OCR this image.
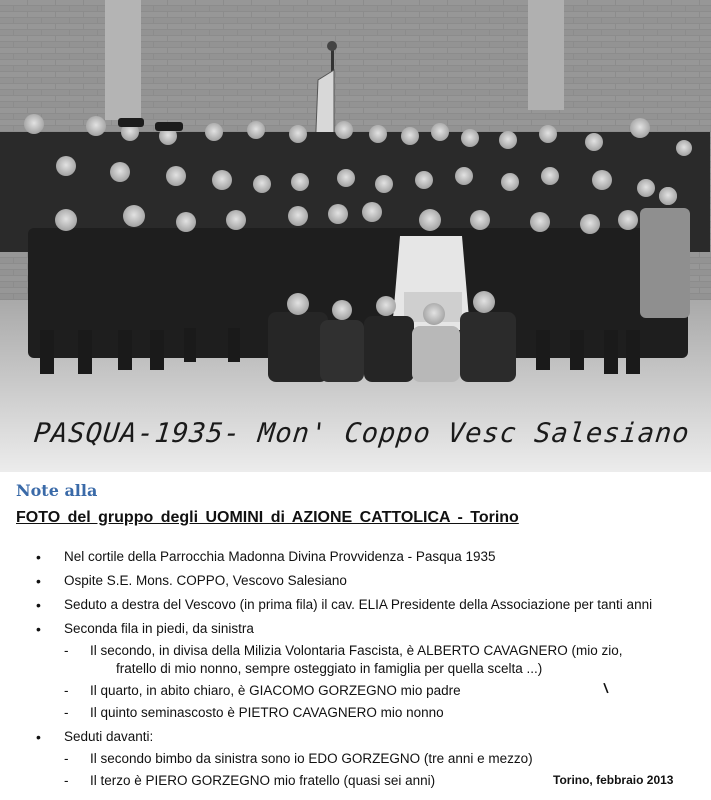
PASQUA-1935- Mon' Coppo Vesc Salesiano
Note alla
FOTO del gruppo degli UOMINI di AZIONE CATTOLICA - Torino
• Nel cortile della Parrocchia Madonna Divina Provvidenza - Pasqua 1935
• Ospite S.E. Mons. COPPO, Vescovo Salesiano
• Seduto a destra del Vescovo (in prima fila) il cav. ELIA Presidente della Associazione per tanti anni
• Seconda fila in piedi, da sinistra
- Il secondo, in divisa della Milizia Volontaria Fascista, è ALBERTO CAVAGNERO (mio zio,
fratello di mio nonno, sempre osteggiato in famiglia per quella scelta ...)
- Il quarto, in abito chiaro, è GIACOMO GORZEGNO mio padre
- Il quinto seminascosto è PIETRO CAVAGNERO mio nonno
• Seduti davanti:
- Il secondo bimbo da sinistra sono io EDO GORZEGNO (tre anni e mezzo)
- Il terzo è PIERO GORZEGNO mio fratello (quasi sei anni)
\
Torino, febbraio 2013
